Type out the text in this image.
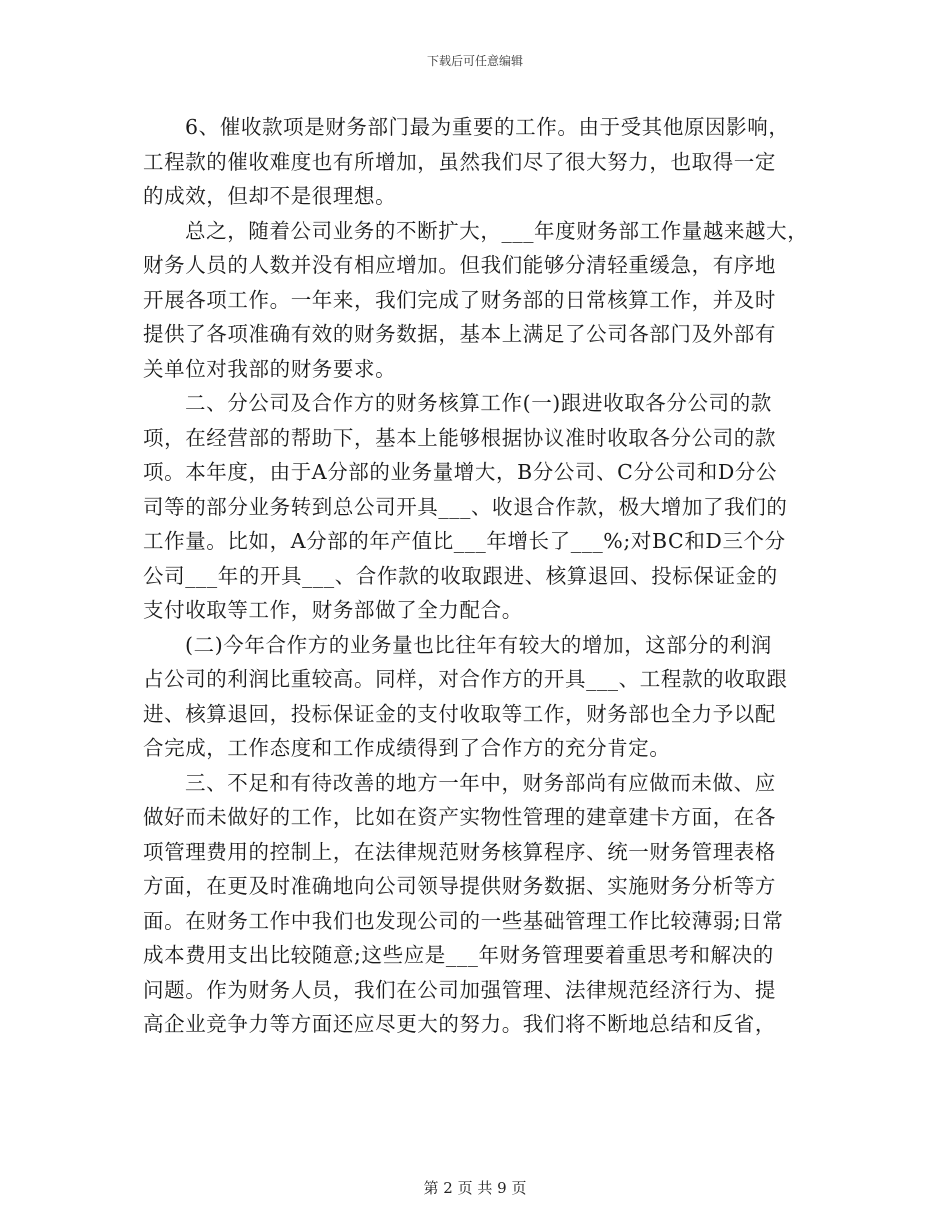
下载后可任意编辑
6、催收款项是财务部门最为重要的工作。由于受其他原因影响，
工程款的催收难度也有所增加，虽然我们尽了很大努力，也取得一定
的成效，但却不是很理想。
总之，随着公司业务的不断扩大，___年度财务部工作量越来越大，
财务人员的人数并没有相应增加。但我们能够分清轻重缓急，有序地
开展各项工作。一年来，我们完成了财务部的日常核算工作，并及时
提供了各项准确有效的财务数据，基本上满足了公司各部门及外部有
关单位对我部的财务要求。
二、分公司及合作方的财务核算工作(一)跟进收取各分公司的款
项，在经营部的帮助下，基本上能够根据协议准时收取各分公司的款
项。本年度，由于A分部的业务量增大，B分公司、C分公司和D分公
司等的部分业务转到总公司开具___、收退合作款，极大增加了我们的
工作量。比如，A分部的年产值比___年增长了___%;对BC和D三个分
公司___年的开具___、合作款的收取跟进、核算退回、投标保证金的
支付收取等工作，财务部做了全力配合。
(二)今年合作方的业务量也比往年有较大的增加，这部分的利润
占公司的利润比重较高。同样，对合作方的开具___、工程款的收取跟
进、核算退回，投标保证金的支付收取等工作，财务部也全力予以配
合完成，工作态度和工作成绩得到了合作方的充分肯定。
三、不足和有待改善的地方一年中，财务部尚有应做而未做、应
做好而未做好的工作，比如在资产实物性管理的建章建卡方面，在各
项管理费用的控制上，在法律规范财务核算程序、统一财务管理表格
方面，在更及时准确地向公司领导提供财务数据、实施财务分析等方
面。在财务工作中我们也发现公司的一些基础管理工作比较薄弱;日常
成本费用支出比较随意;这些应是___年财务管理要着重思考和解决的
问题。作为财务人员，我们在公司加强管理、法律规范经济行为、提
高企业竞争力等方面还应尽更大的努力。我们将不断地总结和反省，
第 2 页 共 9 页
